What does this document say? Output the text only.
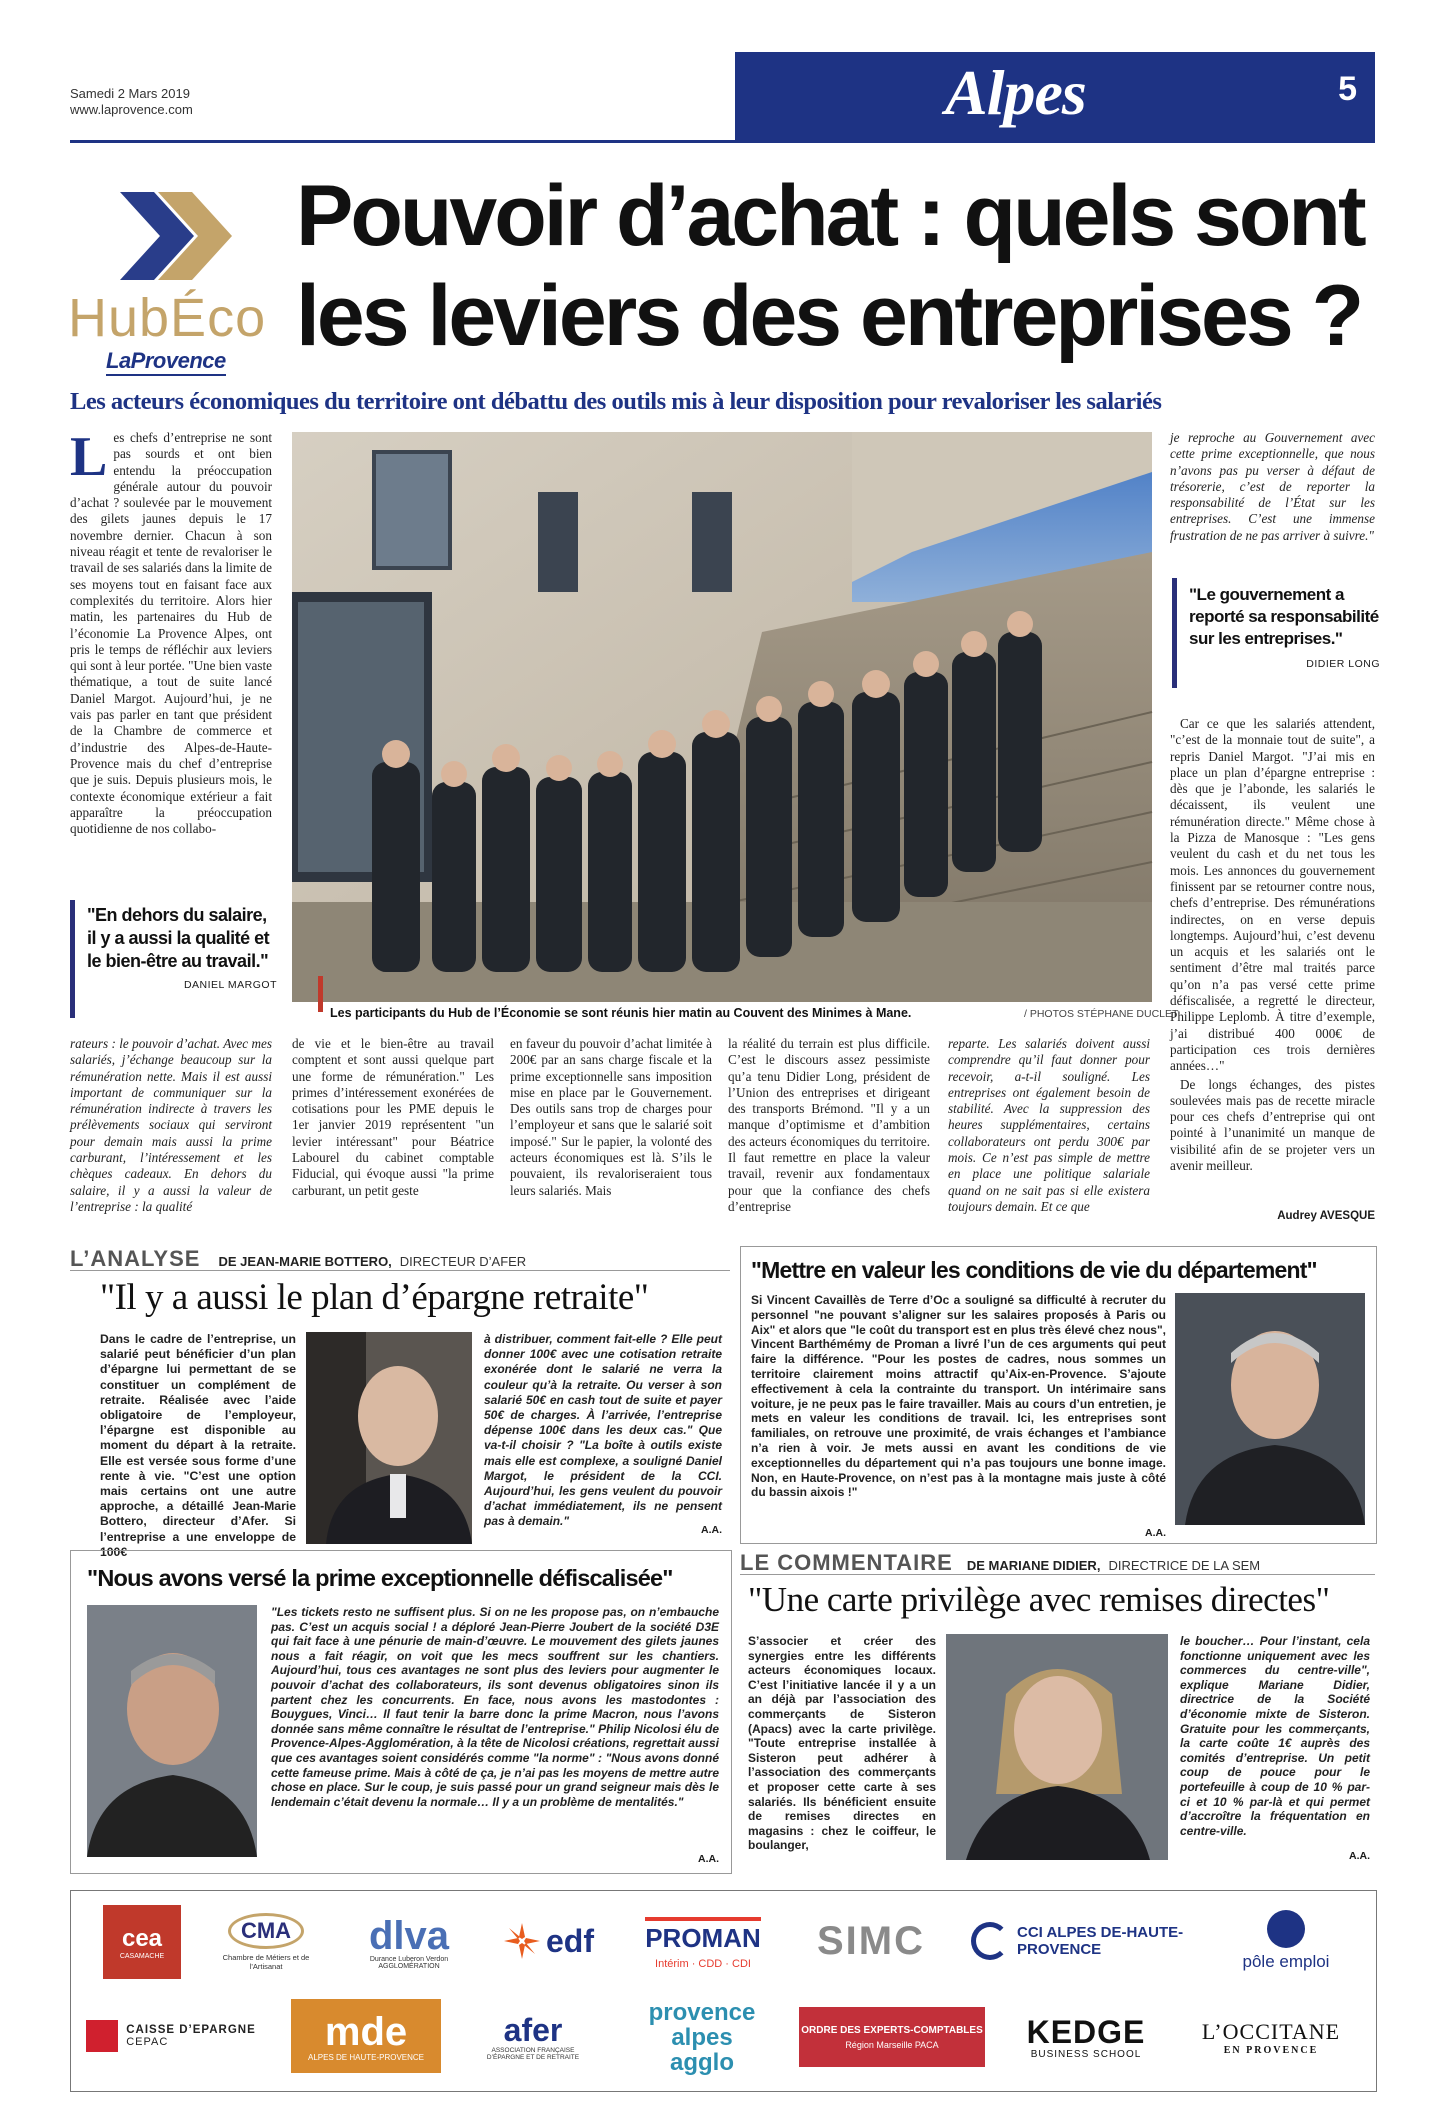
Samedi 2 Mars 2019
www.laprovence.com	Alpes	5
HubÉco
LaProvence
Pouvoir d’achat : quels sont
les leviers des entreprises ?
Les acteurs économiques du territoire ont débattu des outils mis à leur disposition pour revaloriser les salariés
L es chefs d’entreprise ne sont pas sourds et ont bien entendu la préoccupation générale autour du pouvoir d’achat ? soulevée par le mouvement des gilets jaunes depuis le 17 novembre dernier. Chacun à son niveau réagit et tente de revaloriser le travail de ses salariés dans la limite de ses moyens tout en faisant face aux complexités du territoire. Alors hier matin, les partenaires du Hub de l’économie La Provence Alpes, ont pris le temps de réfléchir aux leviers qui sont à leur portée. "Une bien vaste thématique, a tout de suite lancé Daniel Margot. Aujourd’hui, je ne vais pas parler en tant que président de la Chambre de commerce et d’industrie des Alpes-de-Haute-Provence mais du chef d’entreprise que je suis. Depuis plusieurs mois, le contexte économique extérieur a fait apparaître la préoccupation quotidienne de nos collabo-
"En dehors du salaire, il y a aussi la qualité et le bien-être au travail."
DANIEL MARGOT
Les participants du Hub de l’Économie se sont réunis hier matin au Couvent des Minimes à Mane.	/ PHOTOS STÉPHANE DUCLET
je reproche au Gouvernement avec cette prime exceptionnelle, que nous n’avons pas pu verser à défaut de trésorerie, c’est de reporter la responsabilité de l’État sur les entreprises. C’est une immense frustration de ne pas arriver à suivre."
"Le gouvernement a reporté sa responsabilité sur les entreprises."
DIDIER LONG

Car ce que les salariés attendent, "c’est de la monnaie tout de suite", a repris Daniel Margot. "J’ai mis en place un plan d’épargne entreprise : dès que je l’abonde, les salariés le décaissent, ils veulent une rémunération directe." Même chose à la Pizza de Manosque : "Les gens veulent du cash et du net tous les mois. Les annonces du gouvernement finissent par se retourner contre nous, chefs d’entreprise. Des rémunérations indirectes, on en verse depuis longtemps. Aujourd’hui, c’est devenu un acquis et les salariés ont le sentiment d’être mal traités parce qu’on n’a pas versé cette prime défiscalisée, a regretté le directeur, Philippe Leplomb. À titre d’exemple, j’ai distribué 400 000€ de participation ces trois dernières années…"

De longs échanges, des pistes soulevées mais pas de recette miracle pour ces chefs d’entreprise qui ont pointé à l’unanimité un manque de visibilité afin de se projeter vers un avenir meilleur.

Audrey AVESQUE
rateurs : le pouvoir d’achat. Avec mes salariés, j’échange beaucoup sur la rémunération nette. Mais il est aussi important de communiquer sur la rémunération indirecte à travers les prélèvements sociaux qui serviront pour demain mais aussi la prime carburant, l’intéressement et les chèques cadeaux. En dehors du salaire, il y a aussi la valeur de l’entreprise : la qualité
de vie et le bien-être au travail comptent et sont aussi quelque part une forme de rémunération." Les primes d’intéressement exonérées de cotisations pour les PME depuis le 1er janvier 2019 représentent "un levier intéressant" pour Béatrice Labourel du cabinet comptable Fiducial, qui évoque aussi "la prime carburant, un petit geste
en faveur du pouvoir d’achat limitée à 200€ par an sans charge fiscale et la prime exceptionnelle sans imposition mise en place par le Gouvernement. Des outils sans trop de charges pour l’employeur et sans que le salarié soit imposé." Sur le papier, la volonté des acteurs économiques est là. S’ils le pouvaient, ils revaloriseraient tous leurs salariés. Mais
la réalité du terrain est plus difficile. C’est le discours assez pessimiste qu’a tenu Didier Long, président de l’Union des entreprises et dirigeant des transports Brémond. "Il y a un manque d’optimisme et d’ambition des acteurs économiques du territoire. Il faut remettre en place la valeur travail, revenir aux fondamentaux pour que la confiance des chefs d’entreprise
reparte. Les salariés doivent aussi comprendre qu’il faut donner pour recevoir, a-t-il souligné. Les entreprises ont également besoin de stabilité. Avec la suppression des heures supplémentaires, certains collaborateurs ont perdu 300€ par mois. Ce n’est pas simple de mettre en place une politique salariale quand on ne sait pas si elle existera toujours demain. Et ce que
L’ANALYSE DE JEAN-MARIE BOTTERO, DIRECTEUR D’AFER
"Il y a aussi le plan d’épargne retraite"
Dans le cadre de l’entreprise, un salarié peut bénéficier d’un plan d’épargne lui permettant de se constituer un complément de retraite. Réalisée avec l’aide obligatoire de l’employeur, l’épargne est disponible au moment du départ à la retraite. Elle est versée sous forme d’une rente à vie. "C’est une option mais certains ont une autre approche, a détaillé Jean-Marie Bottero, directeur d’Afer. Si l’entreprise a une enveloppe de 100€
à distribuer, comment fait-elle ? Elle peut donner 100€ avec une cotisation retraite exonérée dont le salarié ne verra la couleur qu’à la retraite. Ou verser à son salarié 50€ en cash tout de suite et payer 50€ de charges. À l’arrivée, l’entreprise dépense 100€ dans les deux cas." Que va-t-il choisir ? "La boîte à outils existe mais elle est complexe, a souligné Daniel Margot, le président de la CCI. Aujourd’hui, les gens veulent du pouvoir d’achat immédiatement, ils ne pensent pas à demain."
A.A.
"Mettre en valeur les conditions de vie du département"
Si Vincent Cavaillès de Terre d’Oc a souligné sa difficulté à recruter du personnel "ne pouvant s’aligner sur les salaires proposés à Paris ou Aix" et alors que "le coût du transport est en plus très élevé chez nous", Vincent Barthémémy de Proman a livré l’un de ces arguments qui peut faire la différence. "Pour les postes de cadres, nous sommes un territoire clairement moins attractif qu’Aix-en-Provence. S’ajoute effectivement à cela la contrainte du transport. Un intérimaire sans voiture, je ne peux pas le faire travailler. Mais au cours d’un entretien, je mets en valeur les conditions de travail. Ici, les entreprises sont familiales, on retrouve une proximité, de vrais échanges et l’ambiance n’a rien à voir. Je mets aussi en avant les conditions de vie exceptionnelles du département qui n’a pas toujours une bonne image. Non, en Haute-Provence, on n’est pas à la montagne mais juste à côté du bassin aixois !"
A.A.
"Nous avons versé la prime exceptionnelle défiscalisée"
"Les tickets resto ne suffisent plus. Si on ne les propose pas, on n’embauche pas. C’est un acquis social ! a déploré Jean-Pierre Joubert de la société D3E qui fait face à une pénurie de main-d’œuvre. Le mouvement des gilets jaunes nous a fait réagir, on voit que les mecs souffrent sur les chantiers. Aujourd’hui, tous ces avantages ne sont plus des leviers pour augmenter le pouvoir d’achat des collaborateurs, ils sont devenus obligatoires sinon ils partent chez les concurrents. En face, nous avons les mastodontes : Bouygues, Vinci… Il faut tenir la barre donc la prime Macron, nous l’avons donnée sans même connaître le résultat de l’entreprise." Philip Nicolosi élu de Provence-Alpes-Agglomération, à la tête de Nicolosi créations, regrettait aussi que ces avantages soient considérés comme "la norme" : "Nous avons donné cette fameuse prime. Mais à côté de ça, je n’ai pas les moyens de mettre autre chose en place. Sur le coup, je suis passé pour un grand seigneur mais dès le lendemain c’était devenu la normale… Il y a un problème de mentalités."
A.A.
LE COMMENTAIRE DE MARIANE DIDIER, DIRECTRICE DE LA SEM
"Une carte privilège avec remises directes"
S’associer et créer des synergies entre les différents acteurs économiques locaux. C’est l’initiative lancée il y a un an déjà par l’association des commerçants de Sisteron (Apacs) avec la carte privilège. "Toute entreprise installée à Sisteron peut adhérer à l’association des commerçants et proposer cette carte à ses salariés. Ils bénéficient ensuite de remises directes en magasins : chez le coiffeur, le boulanger,
le boucher… Pour l’instant, cela fonctionne uniquement avec les commerces du centre-ville", explique Mariane Didier, directrice de la Société d’économie mixte de Sisteron. Gratuite pour les commerçants, la carte coûte 1€ auprès des comités d’entreprise. Un petit coup de pouce pour le portefeuille à coup de 10 % par-ci et 10 % par-là et qui permet d’accroître la fréquentation en centre-ville.
A.A.
cea
CASAMACHE
CMA
Chambre de Métiers et de l’Artisanat
dlva
Durance Luberon Verdon AGGLOMÉRATION
edf PROMAN
Intérim · CDD · CDI
SIMC	CCI ALPES DE-HAUTE-PROVENCE
pôle emploi
CAISSE D’EPARGNE
CEPAC	mde
ALPES DE HAUTE-PROVENCE
afer
ASSOCIATION FRANÇAISE D’ÉPARGNE ET DE RETRAITE
provence alpes agglo
ORDRE DES EXPERTS-COMPTABLES
Région Marseille PACA	KEDGE
BUSINESS SCHOOL
L’OCCITANE
EN PROVENCE
